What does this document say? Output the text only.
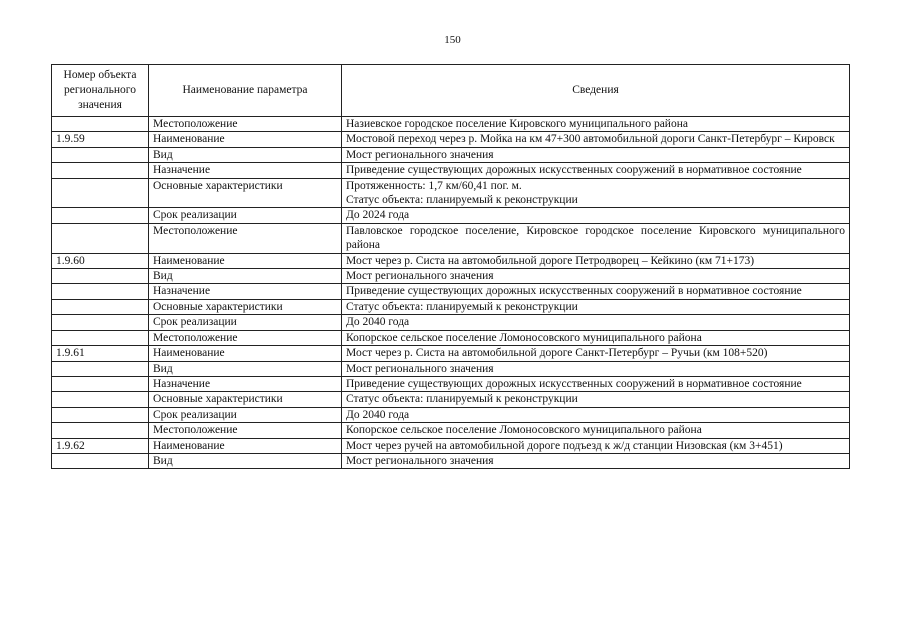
150
Номер объекта регионального значения	Наименование параметра	Сведения
	Местоположение	Назиевское городское поселение Кировского муниципального района

1.9.59	Наименование	Мостовой переход через р. Мойка на км 47+300 автомобильной дороги Санкт-Петербург – Кировск

	Вид	Мост регионального значения

	Назначение	Приведение существующих дорожных искусственных сооружений в нормативное состояние

	Основные характеристики	Протяженность: 1,7 км/60,41 пог. м.
Статус объекта: планируемый к реконструкции

	Срок реализации	До 2024 года

	Местоположение	Павловское городское поселение, Кировское городское поселение Кировского муниципального района

1.9.60	Наименование	Мост через р. Систа на автомобильной дороге Петродворец – Кейкино (км 71+173)

	Вид	Мост регионального значения

	Назначение	Приведение существующих дорожных искусственных сооружений в нормативное состояние

	Основные характеристики	Статус объекта: планируемый к реконструкции

	Срок реализации	До 2040 года

	Местоположение	Копорское сельское поселение Ломоносовского муниципального района

1.9.61	Наименование	Мост через р. Систа на автомобильной дороге Санкт-Петербург – Ручьи (км 108+520)

	Вид	Мост регионального значения

	Назначение	Приведение существующих дорожных искусственных сооружений в нормативное состояние

	Основные характеристики	Статус объекта: планируемый к реконструкции

	Срок реализации	До 2040 года

	Местоположение	Копорское сельское поселение Ломоносовского муниципального района

1.9.62	Наименование	Мост через ручей на автомобильной дороге подъезд к ж/д станции Низовская (км 3+451)

	Вид	Мост регионального значения
